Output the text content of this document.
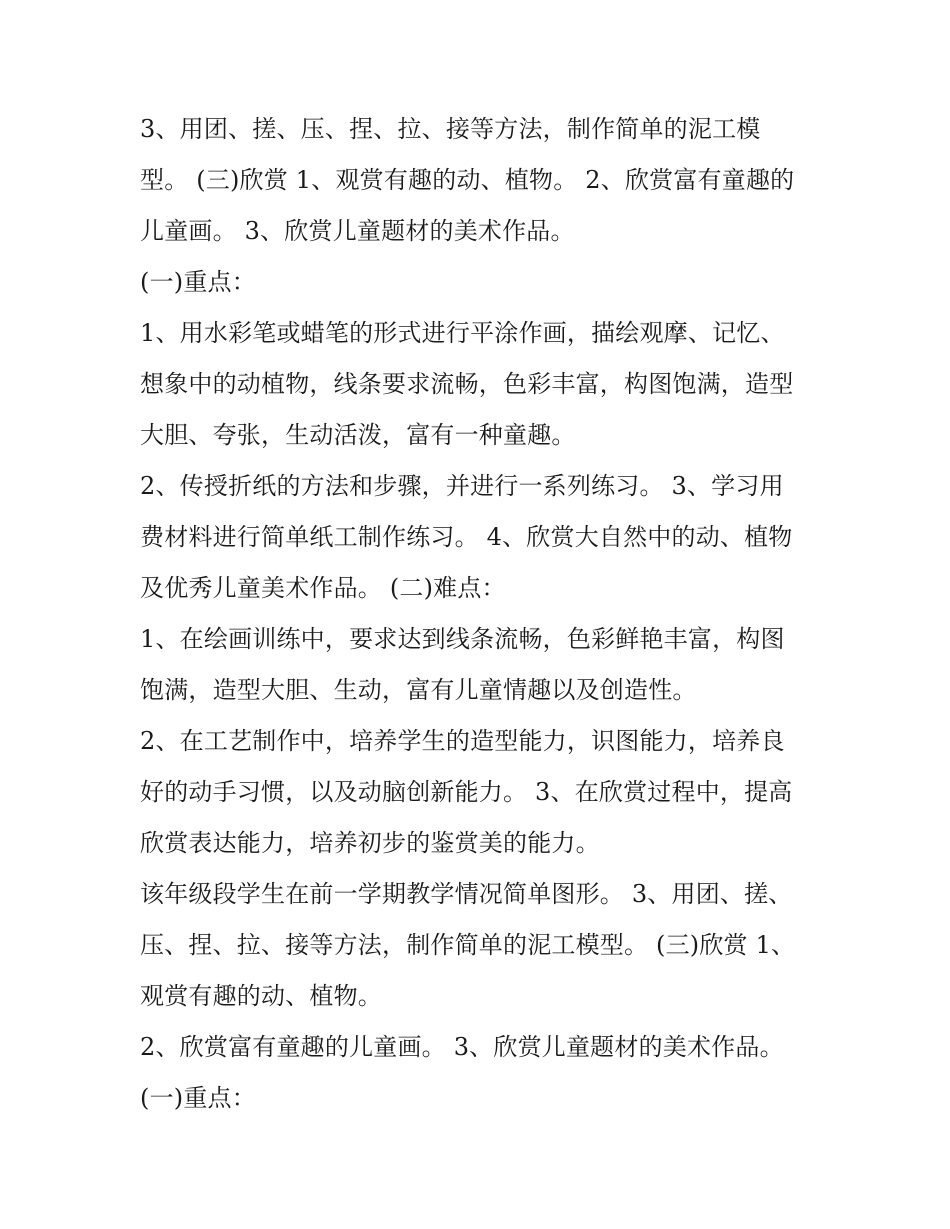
3、用团、搓、压、捏、拉、接等方法，制作简单的泥工模
型。 (三)欣赏 1、观赏有趣的动、植物。 2、欣赏富有童趣的
儿童画。 3、欣赏儿童题材的美术作品。
(一)重点：
1、用水彩笔或蜡笔的形式进行平涂作画，描绘观摩、记忆、
想象中的动植物，线条要求流畅，色彩丰富，构图饱满，造型
大胆、夸张，生动活泼，富有一种童趣。
2、传授折纸的方法和步骤，并进行一系列练习。 3、学习用
费材料进行简单纸工制作练习。 4、欣赏大自然中的动、植物
及优秀儿童美术作品。 (二)难点：
1、在绘画训练中，要求达到线条流畅，色彩鲜艳丰富，构图
饱满，造型大胆、生动，富有儿童情趣以及创造性。
2、在工艺制作中，培养学生的造型能力，识图能力，培养良
好的动手习惯，以及动脑创新能力。 3、在欣赏过程中，提高
欣赏表达能力，培养初步的鉴赏美的能力。
该年级段学生在前一学期教学情况简单图形。 3、用团、搓、
压、捏、拉、接等方法，制作简单的泥工模型。 (三)欣赏 1、
观赏有趣的动、植物。
2、欣赏富有童趣的儿童画。 3、欣赏儿童题材的美术作品。
(一)重点：
